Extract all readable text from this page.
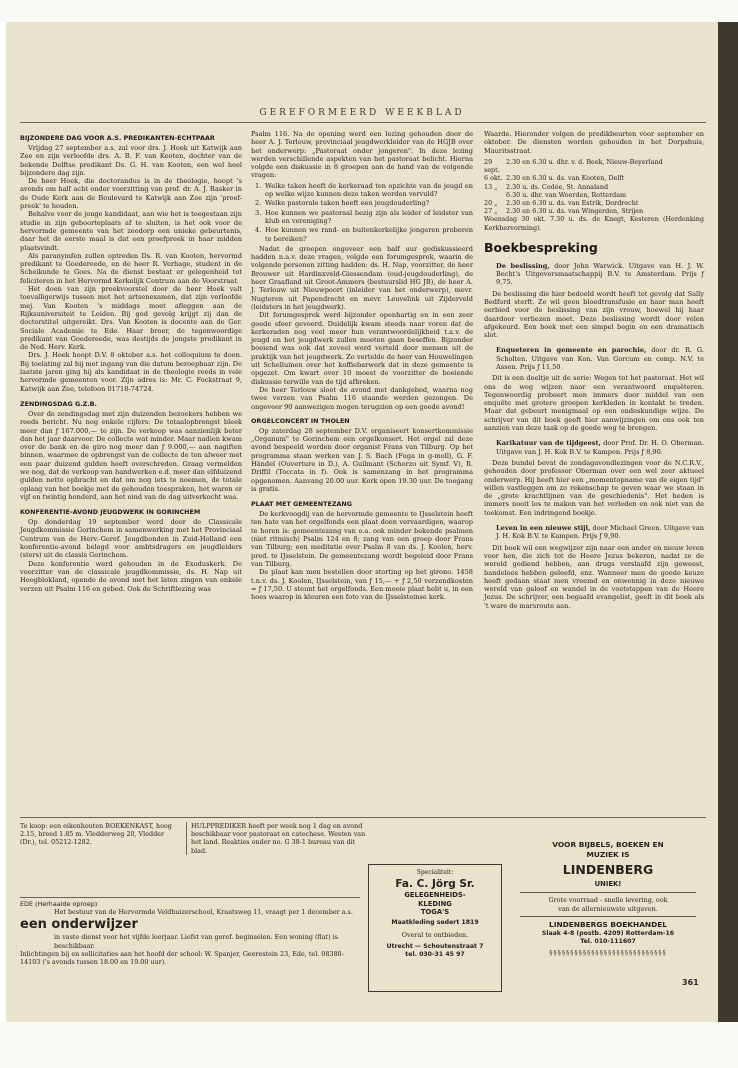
GEREFORMEERD WEEKBLAD
BIJZONDERE DAG VOOR A.S. PREDIKANTEN-ECHTPAAR

Vrijdag 27 september a.s. zal voor drs. J. Hoek uit Katwijk aan Zee en zijn verloofde drs. A. B. F. van Kooten, dochter van de bekende Delftse predikant Ds. G. H. van Kooten, een wel heel bijzondere dag zijn.

De heer Hoek, die doctorandus is in de theologie, hoopt 's avonds om half acht onder voorzitting van prof. dr. A. J. Rasker in de Oude Kerk aan de Boulevard te Katwijk aan Zee zijn 'proef-preek' te houden.

Behalve voor de jonge kandidaat, aan wie het is toegestaan zijn studie in zijn geboorteplaats af te sluiten, is het ook voor de hervormde gemeente van het zeedorp een unieke gebeurtenis, daar het de eerste maal is dat een proefpreek in haar midden plaatsvindt.

Als paranymfen zullen optreden Ds. R. van Kooten, hervormd predikant te Goedereede, en de heer R. Verhage, student in de Scheikunde te Goes. Na de dienst bestaat er gelegenheid tot feliciteren in het Hervormd Kerkelijk Centrum aan de Voorstraat.

Het doen van zijn preekvoorstel door de heer Hoek valt toevalligerwijs tussen met het artsenexamen, dat zijn verloofde mej. Van Kooten 's middags moet afleggen aan de Rijksuniversiteit te Leiden. Bij god gevolg krijgt zij dan de doctorstitel uitgereikt. Drs. Van Kooten is docente aan de Ger. Sociale Academie te Ede. Haar broer, de tegenwoordige predikant van Goedereede, was destijds de jongste predikant in de Ned. Herv. Kerk.

Drs. J. Hoek hoopt D.V. 8 oktober a.s. het colloquium te doen. Bij toelating zal hij met ingang van die datum beroepbaar zijn. De laatste jaren ging hij als kandidaat in de theologie reeds in vele hervormde gemeenten voor. Zijn adres is: Mr. C. Fockstraat 9, Katwijk aan Zee, telefoon 01718-74724.

ZENDINGSDAG G.Z.B.

Over de zendingsdag met zijn duizenden bezoekers hebben we reeds bericht. Nu nog enkele cijfers: De totaalopbrengst bleek meer dan ƒ 167.000,— te zijn. De verkoop was aanzienlijk beter dan het jaar daarvoor. De collecte wat minder. Maar nadien kwam over de bank en de giro nog meer dan ƒ 9.000,— aan nagiften binnen, waarmee de opbrengst van de collecte de ton alweer met een paar duizend gulden heeft overschreden. Graag vermelden we nog, dat de verkoop van handwerken e.d. meer dan elfduizend gulden netto opbracht en dat om nog iets te noemen, de totale oplaag van het boekje met de gehouden toespraken, het waren er vijf en twintig honderd, aan het eind van de dag uitverkocht was.

KONFERENTIE-AVOND JEUGDWERK IN GORINCHEM

Op donderdag 19 september werd door de Classicale Jeugdkommissie Gorinchem in samenwerking met het Provinciaal Centrum van de Herv.-Geref. Jeugdbonden in Zuid-Holland een konferentie-avond belegd voor ambtsdragers en jeugdleiders (sters) uit de classis Gorinchem.

Deze konferentie werd gehouden in de Exoduskerk. De voorzitter van de classicale jeugdkommissie, ds. H. Nap uit Hoogblokland, opende de avond met het laten zingen van enkele verzen uit Psalm 116 en gebed. Ook de Schriftlezing was

Psalm 116. Na de opening werd een lezing gehouden door de heer A. J. Terlouw, provinciaal jeugdwerkleider van de HGJB over het onderwerp: „Pastoraat onder jongeren". In deze lezing werden verschillende aspekten van het pastoraat belicht. Hierna volgde een diskussie in 8 groepen aan de hand van de volgende vragen:

1. Welke taken heeft de kerkeraad ten opzichte van de jeugd en op welke wijze kunnen deze taken worden vervuld?
2. Welke pastorale taken heeft een jeugdouderling?
3. Hoe kunnen we pastoraal bezig zijn als leider of leidster van klub en vereniging?
4. Hoe kunnen we rand- en buitenkerkelijke jongeren proberen te bereiken?

Nadat de groepen ongeveer een half uur gediskussieerd hadden n.a.v. deze vragen, volgde een forumgesprek, waarin de volgende personen zitting hadden: ds. H. Nap, voorzitter, de heer Brouwer uit Hardinxveld-Giessendam (oud-jeugdouderling), de heer Graafland uit Groot-Ammers (bestuurslid HG JB), de heer A. J. Terlouw uit Nieuwpoort (inleider van het onderwerp), mevr. Nugteren uit Papendrecht en mevr. Leuvelink uit Zijderveld (leidsters in het jeugdwerk).

Dit forumgesprek werd bijzonder openhartig en in een zeer goede sfeer gevoerd. Duidelijk kwam steeds naar voren dat de kerkeraden nog veel meer hun verantwoordelijkheid t.a.v. de jeugd en het jeugdwerk zullen moeten gaan beseffen. Bijzonder boeiend was ook dat zoveel werd verteld door mensen uit de praktijk van het jeugdwerk. Zo vertelde de heer van Houwelingen uit Schelluinen over het koffiebarwerk dat in deze gemeente is opgezet. Om kwart over 10 moest de voorzitter de boeiende diskussie terwille van de tijd afbreken.

De heer Terlouw sloot de avond met dankgebed, waarna nog twee verzen van Psalm 116 staande werden gezongen. De ongeveer 90 aanwezigen mogen terugzien op een goede avond!

ORGELCONCERT IN THOLEN

Op zaterdag 28 september D.V. organiseert konsertkommissie „Organum" te Gorinchem een orgelkonsert. Het orgel zal deze avond bespeeld worden door organist Frans van Tilburg. Op het programma staan werken van J. S. Bach (Fuga in g-moll), G. F. Händel (Ouverture in D.), A. Guilmant (Scherzo uit Symf. V), R. Driffil (Toccata in f). Ook is samenzang in het programma opgenomen. Aanvang 20.00 uur. Kerk open 19.30 uur. De toegang is gratis.

PLAAT MET GEMEENTEZANG

De kerkvoogdij van de hervormde gemeente te IJsselstein heeft ten bate van het orgelfonds een plaat doen vervaardigen, waarop te horen is: gemeentezang van o.a. ook minder bekende psalmen (niet ritmisch) Psalm 124 en 8; zang van een groep door Frans van Tilburg; een meditatie over Psalm 8 van ds. J. Koolen, herv. pred. te IJsselstein. De gemeentezang wordt begeleid door Frans van Tilburg.

De plaat kan men bestellen door storting op het girono. 1458 t.n.v. ds. J. Koolen, IJsselstein, van ƒ 15,— + ƒ 2,50 verzendkosten = ƒ 17,50. U steunt het orgelfonds. Een mooie plaat hebt u, in een hoes waarop in kleuren een foto van de IJsselsteinse kerk.

Waarde. Hieronder volgen de predikbeurten voor september en oktober. De diensten worden gehouden in het Dorpshuis, Mauritsstraat.

29 sept.
2.30 en 6.30 u. dhr. v. d. Beek, Nieuw-Beyerland
6 okt. 2.30 en 6.30 u. ds. van Kooten, Delft
13 „	2.30 u. ds. Codée, St. Annaland
6.30 u. dhr. van Woerden, Rotterdam
20 „	2.30 en 6.30 u. ds. van Estrik, Dordrecht
27 „	2.30 en 6.30 u. ds. van Wingerden, Strijen
Woensdag 30 okt. 7.30 u. ds. de Knegt, Kesteren (Herdenking Kerkhervorming).
Boekbespreking
De beslissing, door John Warwick. Uitgave van H. J. W. Becht's Uitgeversmaatschappij B.V. te Amsterdam. Prijs ƒ 9,75.

De beslissing die hier bedoeld wordt heeft tot gevolg dat Sally Bedford sterft. Ze wil geen bloedtransfusie en haar man heeft eerbied voor de beslissing van zijn vrouw, hoewel hij haar daardoor verliezen moet. Deze beslissing wordt door velen afgekeurd. Een boek met een simpel begin en een dramatisch slot.

Enqueteren in gemeente en parochie, door dr. R. G. Scholten. Uitgave van Kon. Van Gorcum en comp. N.V. te Assen. Prijs ƒ 11,50

Dit is een deeltje uit de serie: Wegen tot het pastoraat. Het wil ons de weg wijzen naar een verantwoord enquêteren. Tegenwoordig probeert men immers door middel van een enquête met grotere groepen kerkleden in kontakt te treden. Maar dat gebeurt menigmaal op een ondeskundige wijze. De schrijver van dit boek geeft hier aanwijzingen om ons ook ten aanzien van deze taak op de goede weg te brengen.

Karikatuur van de tijdgeest, door Prof. Dr. H. O. Oberman. Uitgave van J. H. Kok B.V. te Kampen. Prijs ƒ 8,90.

Deze bundel bevat de zondagavondlezingen voor de N.C.R.V., gehouden door professor Oberman over een wel zeer aktueel onderwerp. Hij heeft hier een „momentopname van de eigen tijd" willen vastleggen om zo rekenschap te geven waar we staan in de „grote krachtlijnen van de geschiedenis". Het heden is immers nooit los te maken van het verleden en ook niet van de toekomst. Een indringend boekje.

Leven in een nieuwe stijl, door Michael Green. Uitgave van J. H. Kok B.V. te Kampen. Prijs ƒ 9,90.

Dit boek wil een wegwijzer zijn naar een ander en nieuw leven voor hen, die zich tot de Heere Jezus bekeren, nadat ze de wereld gediend hebben, aan drugs verslaafd zijn geweest, bandeloos hebben geleefd, enz. Wanneer men de goede keuze heeft gedaan staat men vreemd en onwennig in deze nieuwe wereld van geloof en wandel in de voetstappen van de Heere Jezus. De schrijver, een begaafd evangelist, geeft in dit boek als 't ware de marsroute aan.

Te koop: een eikenhouten BOEKENKAST, hoog 2.15, breed 1.85 m. Vledderweg 20, Vledder (Dr.), tel. 05212-1282.
HULPPREDIKER heeft per week nog 1 dag en avond beschikbaar voor pastoraat en catechese. Westen van het land. Reakties onder no. G 38-1 bureau van dit blad.
Specialiteit:
Fa. C. Jörg Sr.
GELEGENHEIDS-
KLEDING
TOGA'S
Maatkleding sedert 1819
Overal te ontbieden.
Utrecht — Schoutenstraat 7
tel. 030-31 45 97
EDE (Herhaalde oproep)
Het bestuur van de Hervormde Veldhuizerschool, Kraatsweg 11, vraagt per 1 december a.s.
een onderwijzer
in vaste dienst voor het vijfde leerjaar. Liefst van geref. beginselen. Een woning (flat) is beschikbaar.
Inlichtingen bij en sollicitaties aan het hoofd der school: W. Spanjer, Geerestein 23, Ede, tel. 08380-14103 ('s avonds tussen 18.00 en 19.00 uur).
VOOR BIJBELS, BOEKEN EN
MUZIEK IS
LINDENBERG
UNIEK!
Grote voorraad - snelle levering, ook
van de allernieuwste uitgaven.
LINDENBERGS BOEKHANDEL
Slaak 4-8 (postb. 4209) Rotterdam-16
Tel. 010-111607
§§§§§§§§§§§§§§§§§§§§§§§§§§§§
361
